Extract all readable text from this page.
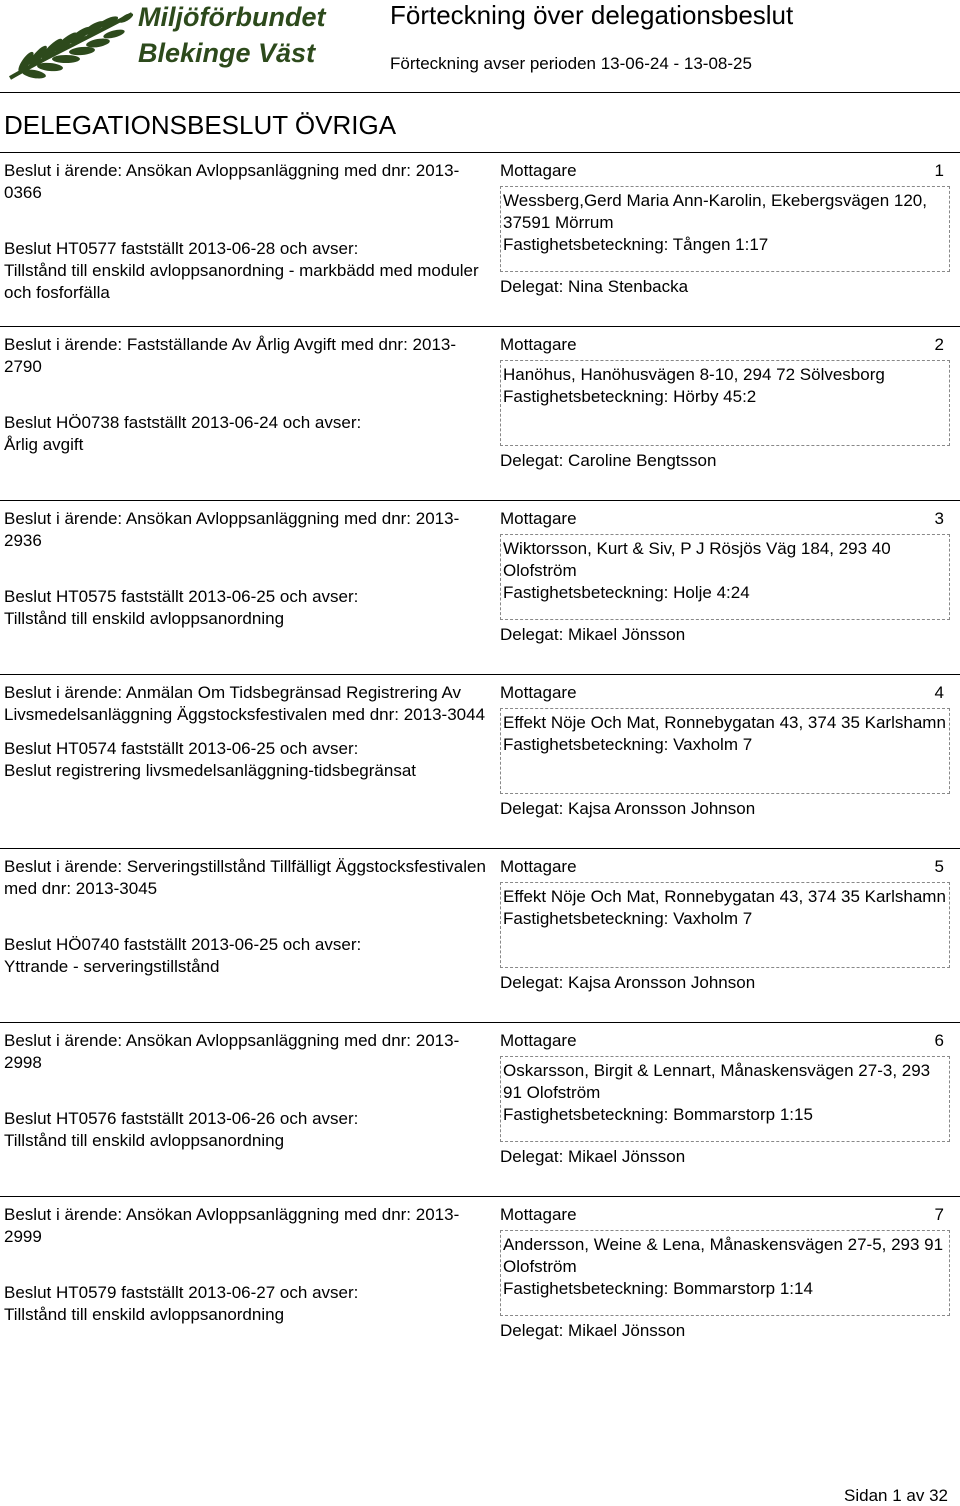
Miljöförbundet
Blekinge Väst
Förteckning över delegationsbeslut
Förteckning avser perioden 13-06-24 - 13-08-25
DELEGATIONSBESLUT ÖVRIGA

Beslut i ärende: Ansökan Avloppsanläggning med dnr: 2013-0366

Beslut HT0577 fastställt 2013-06-28 och avser:

Tillstånd till enskild avloppsanordning - markbädd med moduler och fosforfälla

Mottagare	1
Wessberg,Gerd Maria Ann-Karolin, Ekebergsvägen 120, 37591 Mörrum
Fastighetsbeteckning: Tången 1:17
Delegat: Nina Stenbacka

Beslut i ärende: Fastställande Av Årlig Avgift med dnr: 2013-2790

Beslut HÖ0738 fastställt 2013-06-24 och avser:

Årlig avgift

Mottagare	2
Hanöhus, Hanöhusvägen 8-10, 294 72 Sölvesborg
Fastighetsbeteckning: Hörby 45:2
Delegat: Caroline Bengtsson

Beslut i ärende: Ansökan Avloppsanläggning med dnr: 2013-2936

Beslut HT0575 fastställt 2013-06-25 och avser:

Tillstånd till enskild avloppsanordning

Mottagare	3
Wiktorsson, Kurt & Siv, P J Rösjös Väg 184, 293 40 Olofström
Fastighetsbeteckning: Holje 4:24
Delegat: Mikael Jönsson

Beslut i ärende: Anmälan Om Tidsbegränsad Registrering Av Livsmedelsanläggning Äggstocksfestivalen med dnr: 2013-3044

Beslut HT0574 fastställt 2013-06-25 och avser:

Beslut registrering livsmedelsanläggning-tidsbegränsat

Mottagare	4
Effekt Nöje Och Mat, Ronnebygatan 43, 374 35 Karlshamn
Fastighetsbeteckning: Vaxholm 7
Delegat: Kajsa Aronsson Johnson

Beslut i ärende: Serveringstillstånd Tillfälligt Äggstocksfestivalen med dnr: 2013-3045

Beslut HÖ0740 fastställt 2013-06-25 och avser:

Yttrande - serveringstillstånd

Mottagare	5
Effekt Nöje Och Mat, Ronnebygatan 43, 374 35 Karlshamn
Fastighetsbeteckning: Vaxholm 7
Delegat: Kajsa Aronsson Johnson

Beslut i ärende: Ansökan Avloppsanläggning med dnr: 2013-2998

Beslut HT0576 fastställt 2013-06-26 och avser:

Tillstånd till enskild avloppsanordning

Mottagare	6
Oskarsson, Birgit & Lennart, Månaskensvägen 27-3, 293 91 Olofström
Fastighetsbeteckning: Bommarstorp 1:15
Delegat: Mikael Jönsson

Beslut i ärende: Ansökan Avloppsanläggning med dnr: 2013-2999

Beslut HT0579 fastställt 2013-06-27 och avser:

Tillstånd till enskild avloppsanordning

Mottagare	7
Andersson, Weine & Lena, Månaskensvägen 27-5, 293 91 Olofström
Fastighetsbeteckning: Bommarstorp 1:14
Delegat: Mikael Jönsson
Sidan 1 av 32
